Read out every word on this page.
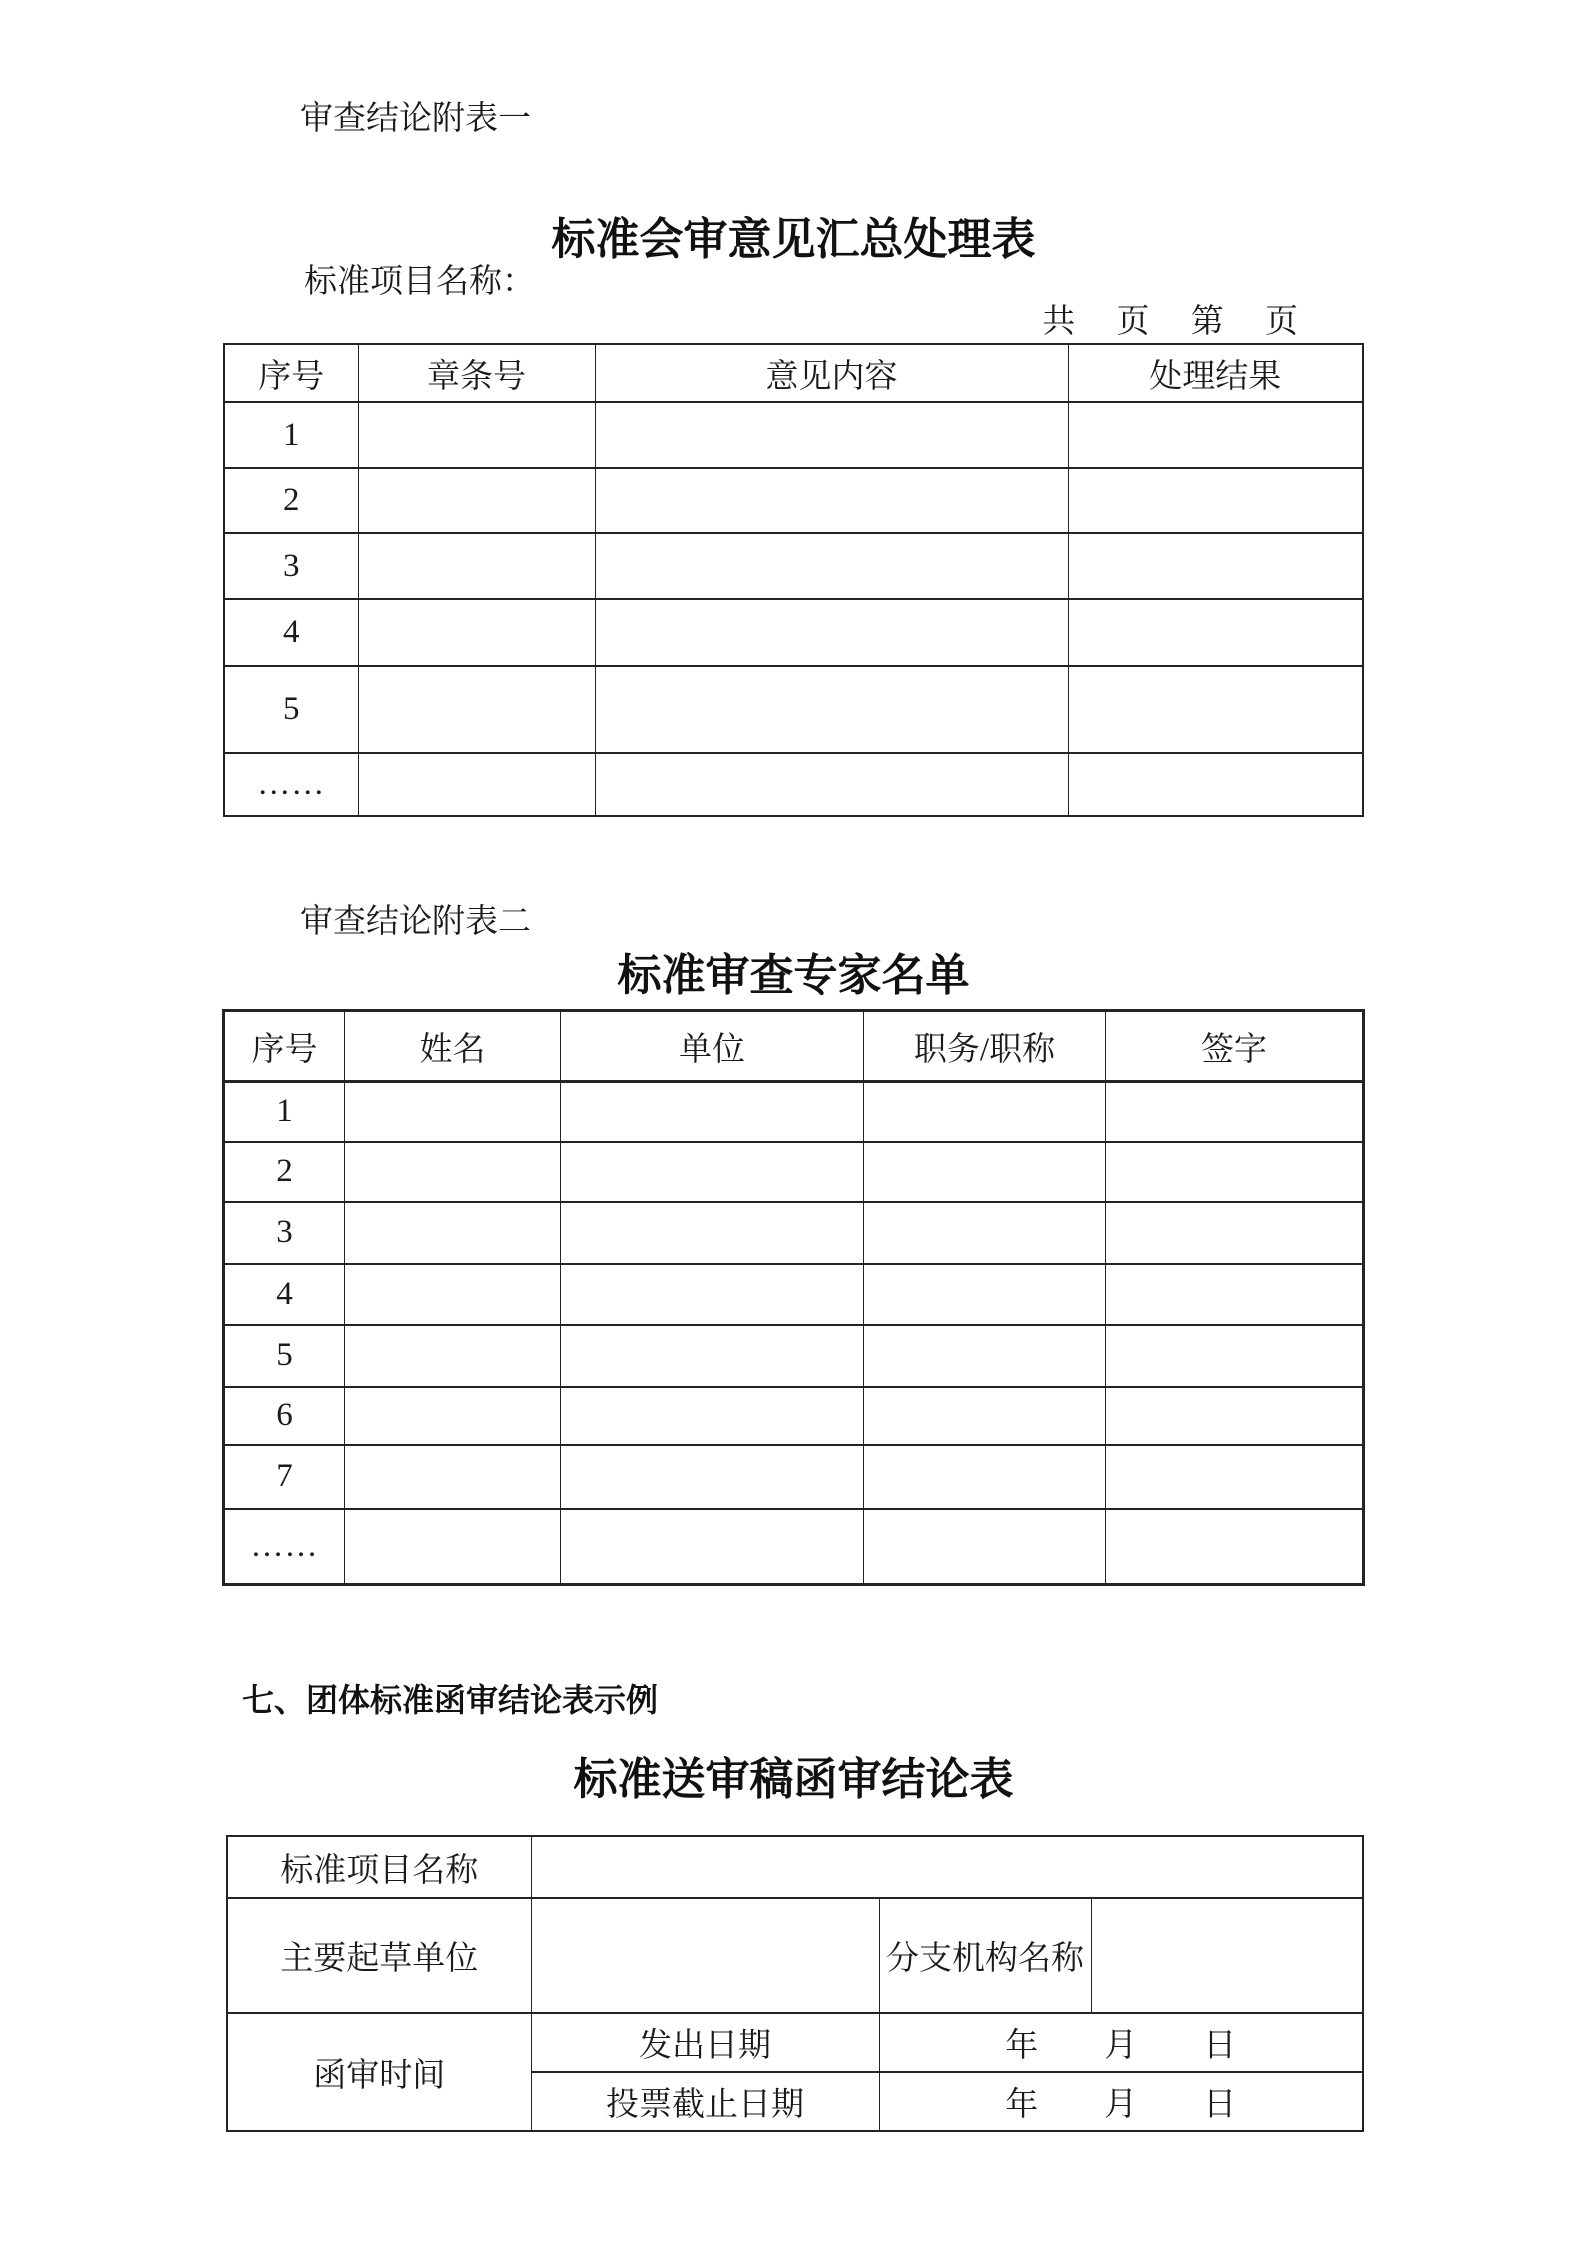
审查结论附表一
标准会审意见汇总处理表
标准项目名称：
共　 页　 第　 页
序号	章条号	意见内容	处理结果
1			
2			
3			
4			
5			
……			
审查结论附表二
标准审查专家名单
序号	姓名	单位	职务/职称	签字
1				
2				
3				
4				
5				
6				
7				
……				
七、团体标准函审结论表示例
标准送审稿函审结论表
标准项目名称			
主要起草单位		分支机构名称	
函审时间	发出日期	年　　月　　日	
	投票截止日期	年　　月　　日	
